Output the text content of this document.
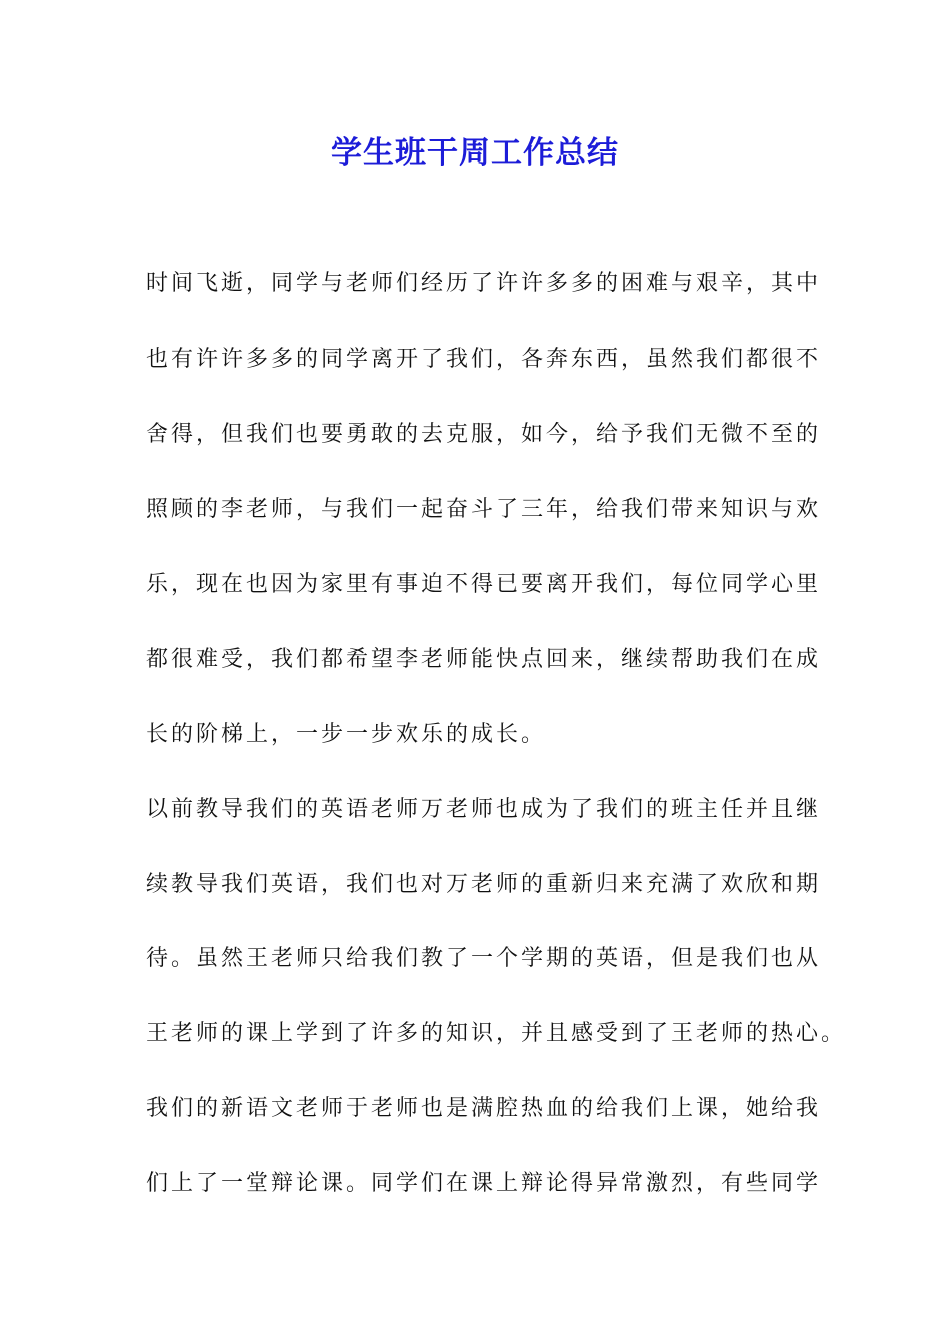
学生班干周工作总结
时间飞逝，同学与老师们经历了许许多多的困难与艰辛，其中
也有许许多多的同学离开了我们，各奔东西，虽然我们都很不
舍得，但我们也要勇敢的去克服，如今，给予我们无微不至的
照顾的李老师，与我们一起奋斗了三年，给我们带来知识与欢
乐，现在也因为家里有事迫不得已要离开我们，每位同学心里
都很难受，我们都希望李老师能快点回来，继续帮助我们在成
长的阶梯上，一步一步欢乐的成长。
以前教导我们的英语老师万老师也成为了我们的班主任并且继
续教导我们英语，我们也对万老师的重新归来充满了欢欣和期
待。虽然王老师只给我们教了一个学期的英语，但是我们也从
王老师的课上学到了许多的知识，并且感受到了王老师的热心。
我们的新语文老师于老师也是满腔热血的给我们上课，她给我
们上了一堂辩论课。同学们在课上辩论得异常激烈，有些同学
